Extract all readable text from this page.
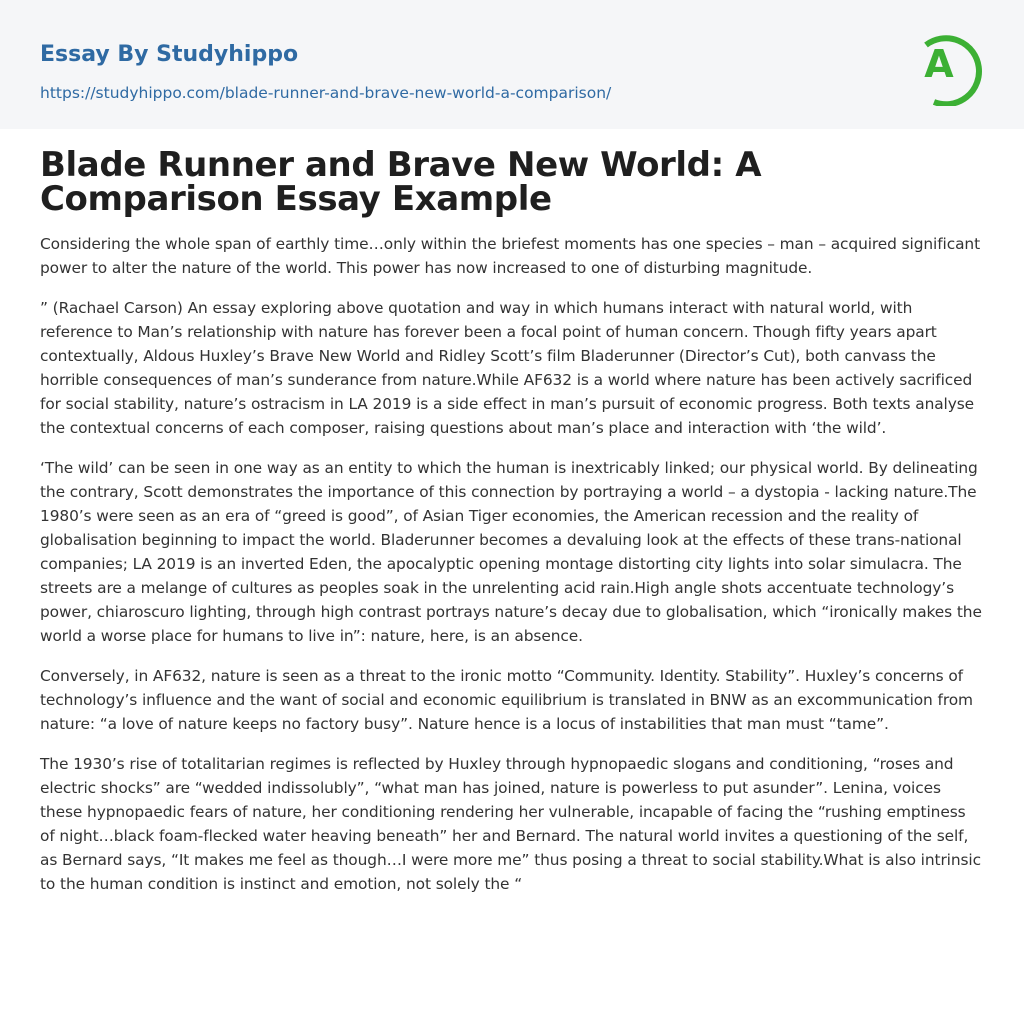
Essay By Studyhippo
https://studyhippo.com/blade-runner-and-brave-new-world-a-comparison/
A
Blade Runner and Brave New World: A Comparison Essay Example

Considering the whole span of earthly time…only within the briefest moments has one species – man – acquired significant power to alter the nature of the world. This power has now increased to one of disturbing magnitude.

” (Rachael Carson) An essay exploring above quotation and way in which humans interact with natural world, with reference to Man’s relationship with nature has forever been a focal point of human concern. Though fifty years apart contextually, Aldous Huxley’s Brave New World and Ridley Scott’s film Bladerunner (Director’s Cut), both canvass the horrible consequences of man’s sunderance from nature.While AF632 is a world where nature has been actively sacrificed for social stability, nature’s ostracism in LA 2019 is a side effect in man’s pursuit of economic progress. Both texts analyse the contextual concerns of each composer, raising questions about man’s place and interaction with ‘the wild’.

‘The wild’ can be seen in one way as an entity to which the human is inextricably linked; our physical world. By delineating the contrary, Scott demonstrates the importance of this connection by portraying a world – a dystopia - lacking nature.The 1980’s were seen as an era of “greed is good”, of Asian Tiger economies, the American recession and the reality of globalisation beginning to impact the world. Bladerunner becomes a devaluing look at the effects of these trans-national companies; LA 2019 is an inverted Eden, the apocalyptic opening montage distorting city lights into solar simulacra. The streets are a melange of cultures as peoples soak in the unrelenting acid rain.High angle shots accentuate technology’s power, chiaroscuro lighting, through high contrast portrays nature’s decay due to globalisation, which “ironically makes the world a worse place for humans to live in”: nature, here, is an absence.

Conversely, in AF632, nature is seen as a threat to the ironic motto “Community. Identity. Stability”. Huxley’s concerns of technology’s influence and the want of social and economic equilibrium is translated in BNW as an excommunication from nature: “a love of nature keeps no factory busy”. Nature hence is a locus of instabilities that man must “tame”.

The 1930’s rise of totalitarian regimes is reflected by Huxley through hypnopaedic slogans and conditioning, “roses and electric shocks” are “wedded indissolubly”, “what man has joined, nature is powerless to put asunder”. Lenina, voices these hypnopaedic fears of nature, her conditioning rendering her vulnerable, incapable of facing the “rushing emptiness of night…black foam-flecked water heaving beneath” her and Bernard. The natural world invites a questioning of the self, as Bernard says, “It makes me feel as though…I were more me” thus posing a threat to social stability.What is also intrinsic to the human condition is instinct and emotion, not solely the “
